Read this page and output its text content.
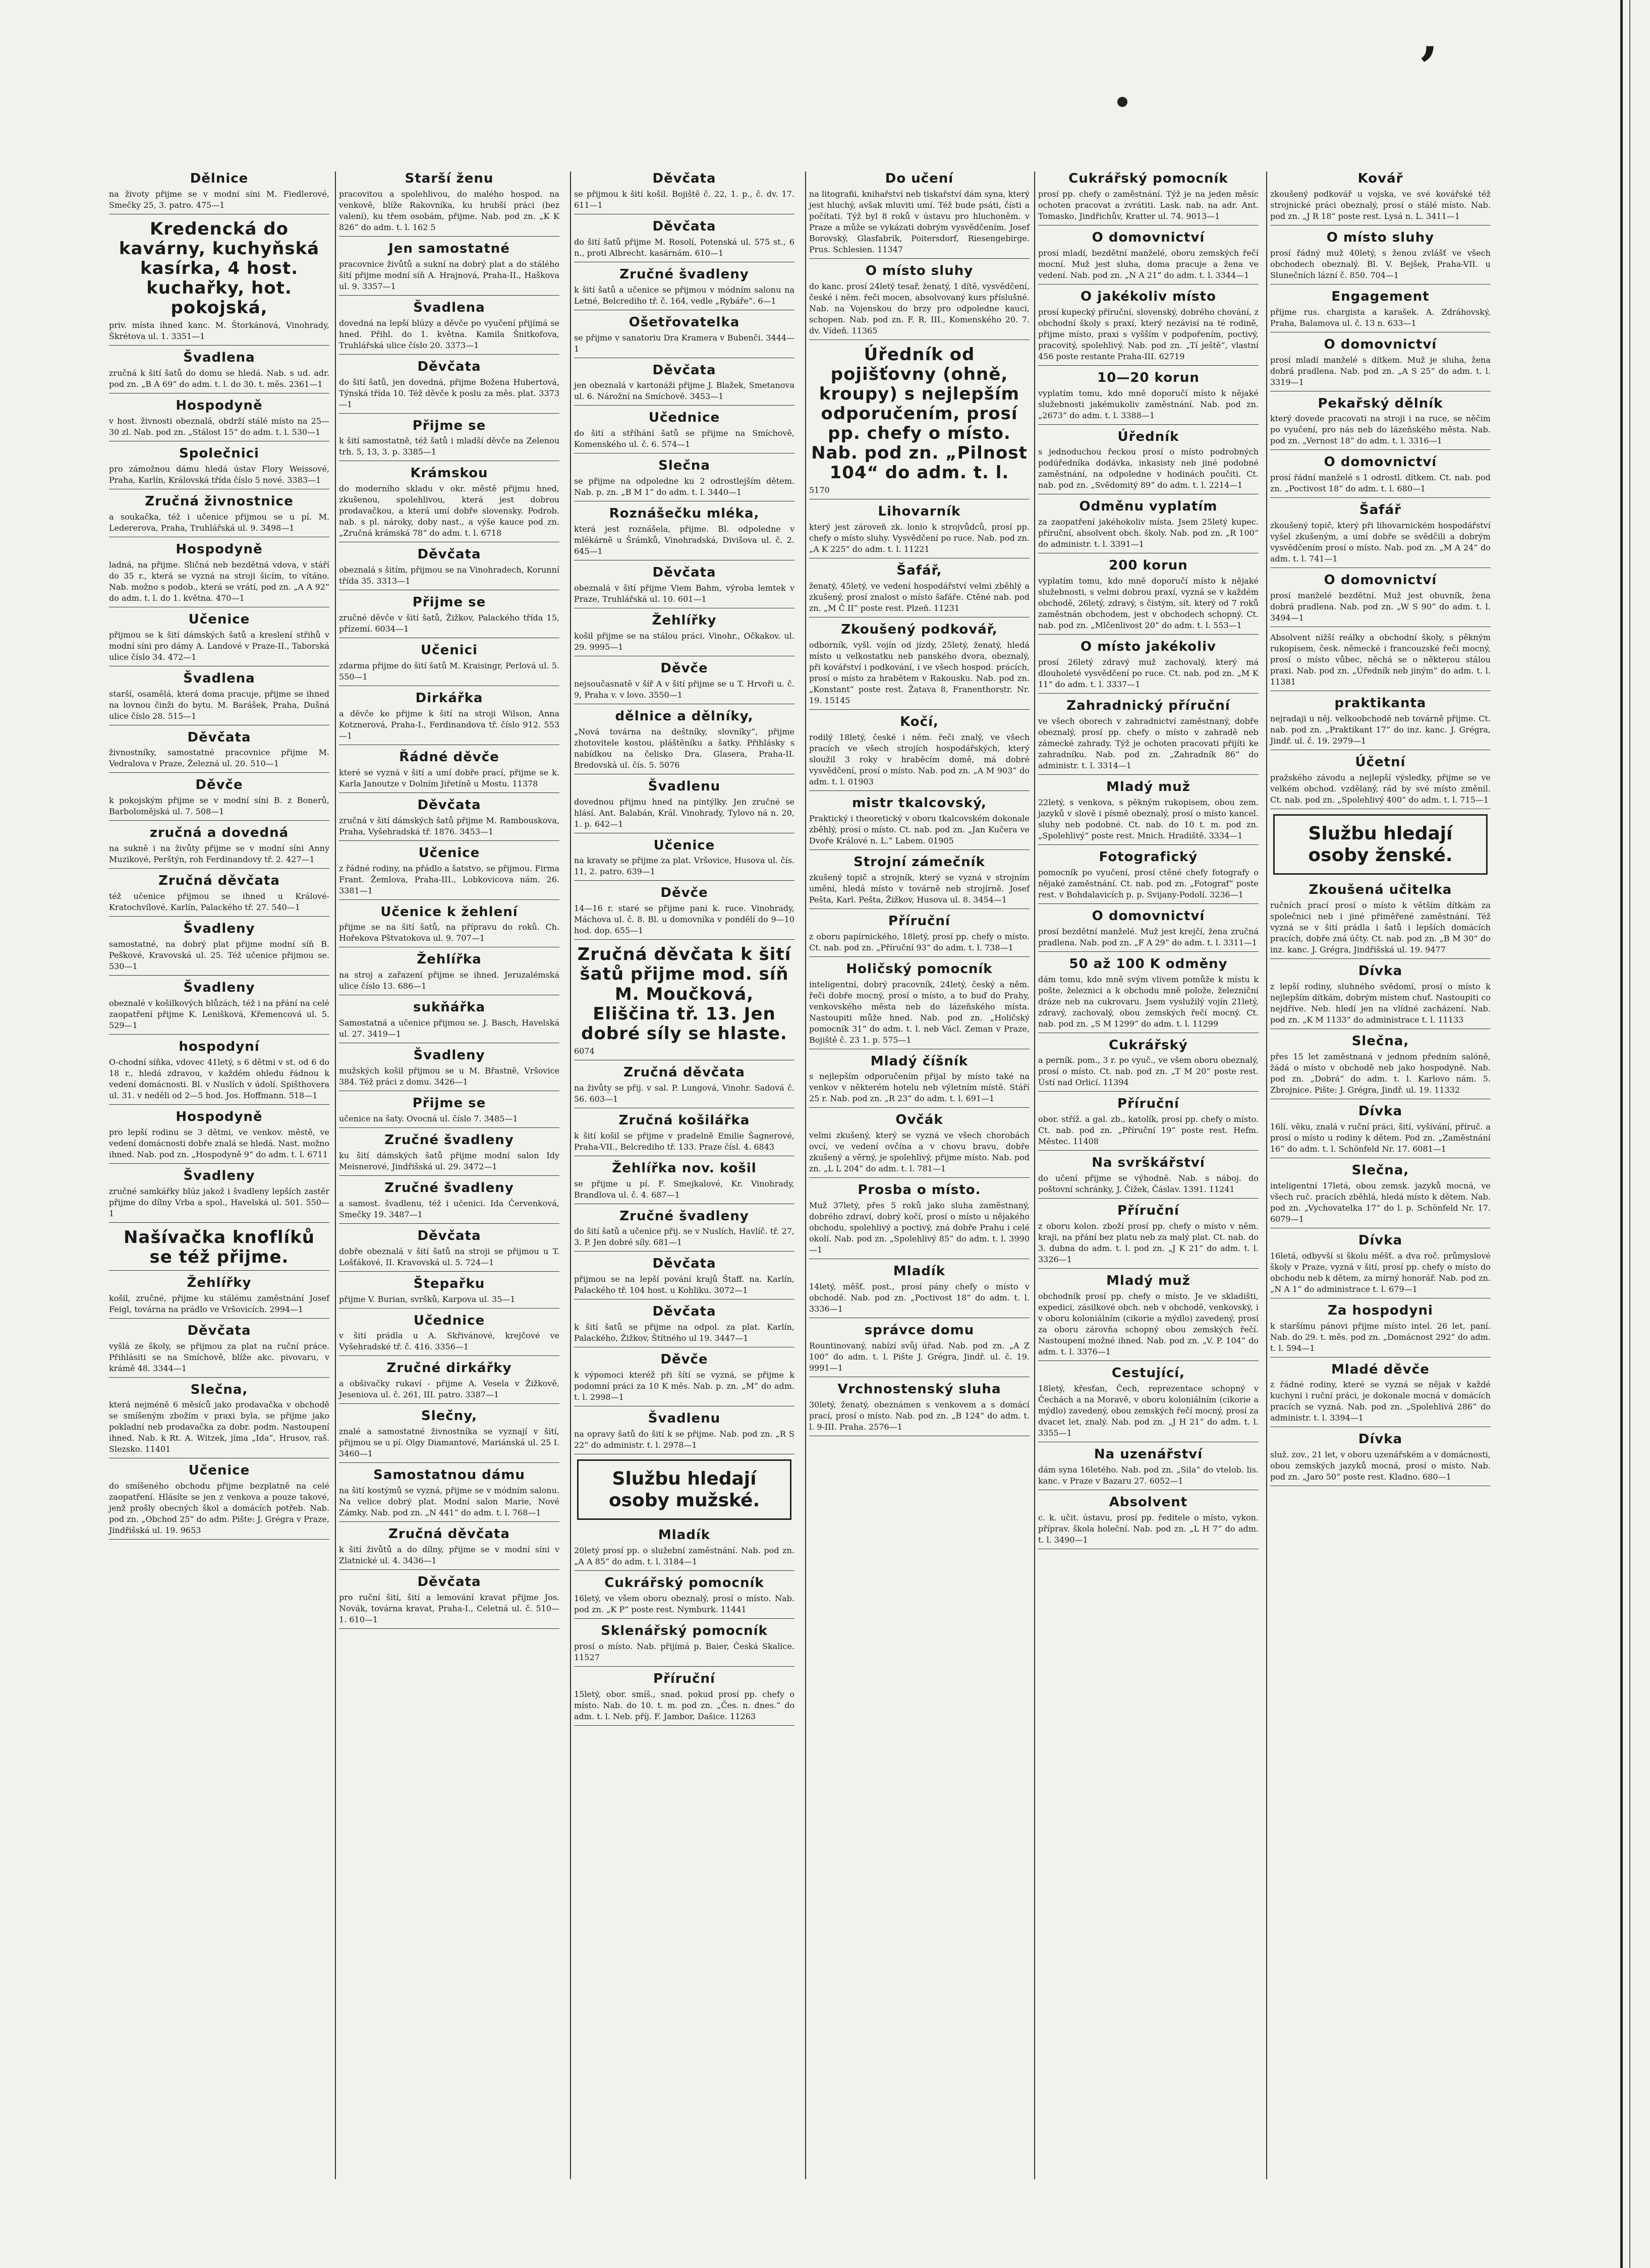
ʼ
Dělnice

na životy přijme se v modní síni M. Fiedlerové, Smečky 25, 3. patro. 475—1

Kredencká do kavárny, kuchyňská kasírka, 4 host. kuchařky, hot. pokojská,

priv. místa ihned kanc. M. Štorkánová, Vinohrady, Škrétova ul. 1. 3351—1

Švadlena

zručná k šití šatů do domu se hledá. Nab. s ud. adr. pod zn. „B A 69“ do adm. t. l. do 30. t. měs. 2361—1

Hospodyně

v host. živnosti obeznalá, obdrží stálé místo na 25—30 zl. Nab. pod zn. „Stálost 15“ do adm. t. l. 530—1

Společnici

pro zámožnou dámu hledá ústav Flory Weissové, Praha, Karlín, Královská třída číslo 5 nové. 3383—1

Zručná živnostnice

a soukačka, též i učenice přijmou se u pí. M. Ledererova, Praha, Truhlářská ul. 9. 3498—1

Hospodyně

ladná, na přijme. Sličná neb bezdětná vdova, v stáří do 35 r., která se vyzná na stroji šicím, to vítáno. Nab. možno s podob., která se vrátí, pod zn. „A A 92“ do adm. t. l. do 1. května. 470—1

Učenice

přijmou se k šití dámských šatů a kreslení střihů v modní síni pro dámy A. Landové v Praze-II., Taborská ulice číslo 34. 472—1

Švadlena

starší, osamělá, která doma pracuje, přijme se ihned na lovnou činži do bytu. M. Barášek, Praha, Dušná ulice číslo 28. 515—1

Děvčata

živnostníky, samostatné pracovnice přijme M. Vedralova v Praze, Železná ul. 20. 510—1

Děvče

k pokojským přijme se v modní síni B. z Bonerů, Barbolomějská ul. 7. 508—1

zručná a dovedná

na sukně i na živůty přijme se v modní síni Anny Muzikové, Perštýn, roh Ferdinandovy tř. 2. 427—1

Zručná děvčata

též učenice přijmou se ihned u Králové-Kratochvílové, Karlín, Palackého tř. 27. 540—1

Švadleny

samostatné, na dobrý plat přijme modní síň B. Peškové, Kravovská ul. 25. Též učenice přijmou se. 530—1

Švadleny

obeznalé v košilkových blůzách, též i na přání na celé zaopatření přijme K. Lenišková, Křemencová ul. 5. 529—1

hospodyní

O-chodní síňka, vdovec 41letý, s 6 dětmi v st. od 6 do 18 r., hledá zdravou, v každém ohledu řádnou k vedení domácnosti. Bl. v Nuslích v údolí. Spišthovera ul. 31. v neděli od 2—5 hod. Jos. Hoffmann. 518—1

Hospodyně

pro lepší rodinu se 3 dětmi, ve venkov. městě, ve vedení domácnosti dobře znalá se hledá. Nast. možno ihned. Nab. pod zn. „Hospodyně 9“ do adm. t. l. 6711

Švadleny

zručné samkářky blúz jakož i švadleny lepších zastěr přijme do dílny Vrba a spol., Havelská ul. 501. 550—1

Našívačka knoflíků se též přijme.
Žehlířky

košil, zručné, přijme ku stálému zaměstnání Josef Feigl, továrna na prádlo ve Vršovicích. 2994—1

Děvčata

vyšlá ze školy, se přijmou za plat na ruční práce. Přihlásiti se na Smíchově, blíže akc. pivovaru, v krámě 48. 3344—1

Slečna,

která nejméně 6 měsíců jako prodavačka v obchodě se smíšeným zbožím v praxi byla, se přijme jako pokladní neb prodavačka za dobr. podm. Nastoupení ihned. Nab. k Rt. A. Witzek, jíma „Ida“, Hrusov, raš. Slezsko. 11401

Učenice

do smíšeného obchodu přijme bezplatně na celé zaopatření. Hlásíte se jen z venkova a pouze takové, jenž prošly obecných škol a domácích potřeb. Nab. pod zn. „Obchod 25“ do adm. Pište: J. Grégra v Praze, Jindřišská ul. 19. 9653

Starší ženu

pracovitou a spolehlivou, do malého hospod. na venkově, blíže Rakovníka, ku hrubší práci (bez valení), ku třem osobám, přijme. Nab. pod zn. „K K 826“ do adm. t. l. 162 5

Jen samostatné

pracovnice živůtů a sukní na dobrý plat a do stálého šití přijme modní síň A. Hrajnová, Praha-II., Haškova ul. 9. 3357—1

Švadlena

dovedná na lepší blúzy a děvče po vyučení přijímá se hned. Přihl. do 1. května. Kamila Šnitkofova, Truhlářská ulice číslo 20. 3373—1

Děvčata

do šití šatů, jen dovedná, přijme Božena Hubertová, Týnská třída 10. Též děvče k poslu za měs. plat. 3373—1

Přijme se

k šití samostatně, též šatů i mladší děvče na Zelenou trh. 5, 13, 3. p. 3385—1

Krámskou

do moderního skladu v okr. městě přijmu hned, zkušenou, spolehlivou, která jest dobrou prodavačkou, a která umí dobře slovensky. Podrob. nab. s pl. nároky, doby nast., a výše kauce pod zn. „Zručná krámská 78“ do adm. t. l. 6718

Děvčata

obeznalá s šitím, přijmou se na Vinohradech, Korunní třída 35. 3313—1

Přijme se

zručné děvče v šití šatů, Žižkov, Palackého třída 15, přízemí. 6034—1

Učenici

zdarma přijme do šití šatů M. Kraisingr, Perlová ul. 5. 550—1

Dirkářka

a děvče ke přijme k šití na stroji Wilson, Anna Kotznerová, Praha-I., Ferdinandova tř. číslo 912. 553—1

Řádné děvče

které se vyzná v šití a umí dobře prací, přijme se k. Karla Janoutze v Dolním Jiřetíně u Mostu. 11378

Děvčata

zručná v šití dámských šatů přijme M. Rambouskova, Praha, Vyšehradská tř. 1876. 3453—1

Učenice

z řádné rodiny, na přádlo a šatstvo, se přijmou. Firma Frant. Žemlova, Praha-III., Lobkovicova nám. 26. 3381—1

Učenice k žehlení

přijme se na šití šatů, na přípravu do roků. Ch. Hořekova Pštvatokova ul. 9. 707—1

Žehlířka

na stroj a zařazení přijme se ihned. Jeruzalémská ulice číslo 13. 686—1

sukňářka

Samostatná a učenice přijmou se. J. Basch, Havelská ul. 27. 3419—1

Švadleny

mužských košil přijmou se u M. Břastně, Vršovice 384. Též práci z domu. 3426—1

Přijme se

učenice na šaty. Ovocná ul. číslo 7. 3485—1

Zručné švadleny

ku šití dámských šatů přijme modní salon Idy Meisnerové, Jindřišská ul. 29. 3472—1

Zručné švadleny

a samost. švadlenu, též i učenici. Ida Červenková, Smečky 19. 3487—1

Děvčata

dobře obeznalá v šití šatů na stroji se přijmou u T. Lošťákové, II. Kravovská ul. 5. 724—1

Štepařku

přijme V. Burian, svršků, Karpova ul. 35—1

Učednice

v šití prádla u A. Skřivánové, krejčové ve Vyšehradské tř. č. 416. 3356—1

Zručné dirkářky

a obšivačky rukaví - přijme A. Vesela v Žižkově, Jeseniova ul. č. 261, III. patro. 3387—1

Slečny,

znalé a samostatné živnostníka se vyznají v šití, přijmou se u pí. Olgy Diamantové, Mariánská ul. 25 I. 3460—1

Samostatnou dámu

na šití kostýmů se vyzná, přijme se v módním salonu. Na velice dobrý plat. Modní salon Marie, Nové Zámky. Nab. pod zn. „N 441“ do adm. t. l. 768—1

Zručná děvčata

k šití živůtů a do dílny, přijme se v modní síni v Zlatnické ul. 4. 3436—1

Děvčata

pro ruční šití, šití a lemování kravat přijme Jos. Novák, továrna kravat, Praha-I., Celetná ul. č. 510—1. 610—1

Děvčata

se přijmou k šití košil. Bojiště č. 22, 1. p., č. dv. 17. 611—1

Děvčata

do šití šatů přijme M. Rosolí, Potenská ul. 575 st., 6 n., proti Albrecht. kasárnám. 610—1

Zručné švadleny

k šití šatů a učenice se přijmou v módním salonu na Letné, Belcrediho tř. č. 164, vedle „Rybáře“. 6—1

Ošetřovatelka

se přijme v sanatoriu Dra Kramera v Bubenči. 3444—1

Děvčata

jen obeznalá v kartonáži přijme J. Blažek, Smetanova ul. 6. Nárožní na Smíchově. 3453—1

Učednice

do šití a stříhání šatů se přijme na Smíchově, Komenského ul. č. 6. 574—1

Slečna

se přijme na odpoledne ku 2 odrostlejším dětem. Nab. p. zn. „B M 1“ do adm. t. l. 3440—1

Roznášečku mléka,

která jest roznášela, přijme. Bl. odpoledne v mlékárně u Šrámků, Vinohradská, Divišova ul. č. 2. 645—1

Děvčata

obeznalá v šití přijme Viem Bahm, výroba lemtek v Praze, Truhlářská ul. 10. 601—1

Žehlířky

košil přijme se na stálou práci. Vinohr., Očkakov. ul. 29. 9995—1

Děvče

nejsoučasnatě v šíř A v šití přijme se u T. Hrvoři u. č. 9, Praha v. v lovo. 3550—1

dělnice a dělníky,

„Nová továrna na deštníky, slovníky“, přijme zhotovitele kostou, pláštěníku a šatky. Přihlásky s nabídkou na čelisko Dra. Glasera, Praha-II. Bredovská ul. čís. 5. 5076

Švadlenu

dovednou přijmu hned na pintýlky. Jen zručné se hlásí. Ant. Balabán, Král. Vinohrady, Tylovo ná n. 20, 1. p. 642—1

Učenice

na kravaty se přijme za plat. Vršovice, Husova ul. čís. 11, 2. patro. 639—1

Děvče

14—16 r. staré se přijme pani k. ruce. Vinohrady, Máchova ul. č. 8. Bl. u domovníka v pondělí do 9—10 hod. dop. 655—1

Zručná děvčata k šití šatů přijme mod. síň M. Moučková, Eliščina tř. 13. Jen dobré síly se hlaste.

6074

Zručná děvčata

na živůty se přij. v sal. P. Lungová, Vinohr. Sadová č. 56. 603—1

Zručná košilářka

k šití košil se přijme v pradelně Emilie Šagnerové, Praha-VII., Belcrediho tř. 133. Praze čísl. 4. 6843

Žehlířka nov. košil

se přijme u pí. F. Smejkalové, Kr. Vinohrady, Brandlova ul. č. 4. 687—1

Zručné švadleny

do šití šatů a učenice přij. se v Nuslích, Havlíč. tř. 27, 3. P. Jen dobré síly. 681—1

Děvčata

přijmou se na lepší pování krajů Štaff. na. Karlín, Palackého tř. 104 host. u Kohliku. 3072—1

Děvčata

k šití šatů se přijme na odpol. za plat. Karlín, Palackého, Žižkov, Štítného ul 19. 3447—1

Děvče

k výpomoci kteréž při šítí se vyzná, se přijme k podomní práci za 10 K měs. Nab. p. zn. „M“ do adm. t. l. 2998—1

Švadlenu

na opravy šatů do šití k se přijme. Nab. pod zn. „R S 22“ do administr. t. l. 2978—1

Službu hledají osoby mužské.
Mladík

20letý prosí pp. o služební zaměstnání. Nab. pod zn. „A A 85“ do adm. t. l. 3184—1

Cukrářský pomocník

16letý, ve všem oboru obeznalý, prosí o místo. Nab. pod zn. „K P“ poste rest. Nymburk. 11441

Sklenářský pomocník

prosí o místo. Nab. přijímá p. Baier, Česká Skalice. 11527

Příruční

15letý, obor. smíš., snad. pokud prosí pp. chefy o místo. Nab. do 10. t. m. pod zn. „Čes. n. dnes.“ do adm. t. l. Neb. příj. F. Jambor, Dašice. 11263

Do učení

na litografii, knihařství neb tiskařství dám syna, který jest hluchý, avšak mluviti umí. Též bude psáti, čísti a počítati. Týž byl 8 roků v ústavu pro hluchoněm. v Praze a může se vykázati dobrým vysvědčením. Josef Borovský, Glasfabrik, Poitersdorf, Riesengebirge. Prus. Schlesien. 11347

O místo sluhy

do kanc. prosí 24letý tesař, ženatý, 1 dítě, vysvědčení, české i něm. řeči mocen, absolvovaný kurs příslušné. Nab. na Vojenskou do brzy pro odpoledne kauci, schopen. Nab. pod zn. F. R. III., Komenského 20. 7. dv. Vídeň. 11365

Úředník od pojišťovny (ohně, kroupy) s nejlepším odporučením, prosí pp. chefy o místo. Nab. pod zn. „Pilnost 104“ do adm. t. l.

5170

Lihovarník

který jest zároveň zk. lonio k strojvůdců, prosí pp. chefy o místo sluhy. Vysvědčení po ruce. Nab. pod zn. „A K 225“ do adm. t. l. 11221

Šafář,

ženatý, 45letý, ve vedení hospodářství velmi zběhlý a zkušený, prosí znalost o místo šafáře. Ctěné nab. pod zn. „M Č II“ poste rest. Plzeň. 11231

Zkoušený podkovář,

odborník, vyšl. vojín od jízdy, 25letý, ženatý, hledá místo u velkostatku neb panského dvora, obeznalý, při kovářství i podkování, i ve všech hospod. prácích, prosí o místo za hrabětem v Rakousku. Nab. pod zn. „Konstant“ poste rest. Žatava 8, Franenthorstr. Nr. 19. 15145

Kočí,

rodilý 18letý, české i něm. řeči znalý, ve všech pracích ve všech strojích hospodářských, který sloužil 3 roky v hraběcím domě, má dobré vysvědčení, prosí o místo. Nab. pod zn. „A M 903“ do adm. t. l. 01903

mistr tkalcovský,

Praktický i theoretický v oboru tkalcovském dokonale zběhlý, prosí o místo. Ct. nab. pod zn. „Jan Kučera ve Dvoře Králové n. L.“ Labem. 01905

Strojní zámečník

zkušený topič a strojník, který se vyzná v strojním umění, hledá místo v továrně neb strojírně. Josef Pešta, Karl. Pešta, Žižkov, Husova ul. 8. 3454—1

Příruční

z oboru papírnického, 18letý, prosí pp. chefy o místo. Ct. nab. pod zn. „Příruční 93“ do adm. t. l. 738—1

Holičský pomocník

inteligentní, dobrý pracovník, 24letý, český a něm. řeči dobře mocný, prosí o místo, a to buď do Prahy, venkovského města neb do lázeňského místa. Nastoupiti může hned. Nab. pod zn. „Holičský pomocník 31“ do adm. t. l. neb Václ. Zeman v Praze, Bojiště č. 23 1. p. 575—1

Mladý číšník

s nejlepším odporučením přijal by místo také na venkov v některém hotelu neb výletním místě. Stáří 25 r. Nab. pod zn. „R 23“ do adm. t. l. 691—1

Ovčák

velmi zkušený, který se vyzná ve všech chorobách ovcí, ve vedení ovčína a v chovu bravu, dobře zkušený a věrný, je spolehlivý, přijme místo. Nab. pod zn. „L L 204“ do adm. t. l. 781—1

Prosba o místo.

Muž 37letý, přes 5 roků jako sluha zaměstnaný, dobrého zdraví, dobrý kočí, prosí o místo u nějakého obchodu, spolehlivý a poctivý, zná dobře Prahu i celé okolí. Nab. pod zn. „Spolehlivý 85“ do adm. t. l. 3990—1

Mladík

14letý, měšť. post., prosí pány chefy o místo v obchodě. Nab. pod zn. „Poctivost 18“ do adm. t. l. 3336—1

správce domu

Rountinovaný, nabízí svůj úřad. Nab. pod zn. „A Z 100“ do adm. t. l. Pište J. Grégra, Jindř. ul. č. 19. 9991—1

Vrchnostenský sluha

30letý, ženatý, obeznámen s venkovem a s domácí prací, prosí o místo. Nab. pod zn. „B 124“ do adm. t. l. 9-III. Praha. 2576—1

Cukrářský pomocník

prosí pp. chefy o zaměstnání. Týž je na jeden měsíc ochoten pracovat a zvrátiti. Lask. nab. na adr. Ant. Tomasko, Jindřichův, Kratter ul. 74. 9013—1

O domovnictví

prosí mladí, bezdětní manželé, oboru zemských řečí mocní. Muž jest sluha, doma pracuje a žena ve vedení. Nab. pod zn. „N A 21“ do adm. t. l. 3344—1

O jakékoliv místo

prosí kupecký příruční, slovenský, dobrého chování, z obchodní školy s praxí, který nezávisí na té rodině, přijme místo, praxi s vyšším v podpořením, poctivý, pracovitý, spolehlivý. Nab. pod zn. „Tí ještě“, vlastní 456 poste restante Praha-III. 62719

10—20 korun

vyplatím tomu, kdo mně doporučí místo k nějaké služebnosti jakémukoliv zaměstnání. Nab. pod zn. „2673“ do adm. t. l. 3388—1

Úředník

s jednoduchou řeckou prosí o místo podrobných podúředníka dodávka, inkasisty neb jiné podobné zaměstnání, na odpoledne v hodinách poučiti. Ct. nab. pod zn. „Svědomitý 89“ do adm. t. l. 2214—1

Odměnu vyplatím

za zaopatření jakéhokoliv místa. Jsem 25letý kupec. příruční, absolvent obch. školy. Nab. pod zn. „R 100“ do administr. t. l. 3391—1

200 korun

vyplatím tomu, kdo mně doporučí místo k nějaké služebnosti, s velmi dobrou praxí, vyzná se v každém obchodě, 26letý, zdravý, s čistým, sít. který od 7 roků zaměstnán obchodem, jest v obchodech schopný. Ct. nab. pod zn. „Mlčenlivost 20“ do adm. t. l. 553—1

O místo jakékoliv

prosí 26letý zdravý muž zachovalý, který má dlouholeté vysvědčení po ruce. Ct. nab. pod zn. „M K 11“ do adm. t. l. 3337—1

Zahradnický příruční

ve všech oborech v zahradnictví zaměstnaný, dobře obeznalý, prosí pp. chefy o místo v zahradě neb zámecké zahrady. Týž je ochoten pracovati přijíti ke zahradníku. Nab. pod zn. „Zahradník 86“ do administr. t. l. 3314—1

Mladý muž

22letý, s venkova, s pěkným rukopisem, obou zem. jazyků v slově i písmě obeznalý, prosí o místo kancel. sluhy neb podobné. Ct. nab. do 10 t. m. pod zn. „Spolehlivý“ poste rest. Mnich. Hradiště. 3334—1

Fotografický

pomocník po vyučení, prosí ctěné chefy fotografy o nějaké zaměstnání. Ct. nab. pod zn. „Fotograf“ poste rest. v Bohdalavicích p. p. Svijany-Podolí. 3236—1

O domovnictví

prosí bezdětní manželé. Muž jest krejčí, žena zručná pradlena. Nab. pod zn. „F A 29“ do adm. t. l. 3311—1

50 až 100 K odměny

dám tomu, kdo mně svým vlivem pomůže k místu k pošte, železnici a k obchodu mně polože, železniční dráze neb na cukrovaru. Jsem vyslužilý vojín 21letý, zdravý, zachovalý, obou zemských řečí mocný. Ct. nab. pod zn. „S M 1299“ do adm. t. l. 11299

Cukrářský

a perník. pom., 3 r. po vyuč., ve všem oboru obeznalý, prosí o místo. Ct. nab. pod zn. „T M 20“ poste rest. Ústí nad Orlicí. 11394

Příruční

obor. stříž. a gal. zb., katolík, prosí pp. chefy o místo. Ct. nab. pod zn. „Příruční 19“ poste rest. Hefm. Městec. 11408

Na svrškářství

do učení přijme se výhodně. Nab. s náboj. do poštovní schránky, J. Čižek, Čáslav. 1391. 11241

Příruční

z oboru kolon. zboží prosí pp. chefy o místo v něm. kraji, na přání bez platu neb za malý plat. Ct. nab. do 3. dubna do adm. t. l. pod zn. „J K 21“ do adm. t. l. 3326—1

Mladý muž

obchodník prosí pp. chefy o místo. Je ve skladišti, expedici, zásilkové obch. neb v obchodě, venkovský, i v oboru koloniálním (cikorie a mýdlo) zavedený, prosí za oboru zárovňa schopný obou zemských řečí. Nastoupení možné ihned. Nab. pod zn. „V. P. 104“ do adm. t. l. 3376—1

Cestující,

18letý, křesťan, Čech, reprezentace schopný v Čechách a na Moravě, v oboru koloniálním (cikorie a mýdlo) zavedený, obou zemských řečí mocný, prosí za dvacet let, znalý. Nab. pod zn. „J H 21“ do adm. t. l. 3355—1

Na uzenářství

dám syna 16letého. Nab. pod zn. „Sila“ do vtelob. lis. kanc. v Praze v Bazaru 27. 6052—1

Absolvent

c. k. učit. ústavu, prosí pp. ředitele o místo, vykon. příprav. škola holeční. Nab. pod zn. „L H 7“ do adm. t. l. 3490—1

Kovář

zkoušený podkovář u vojska, ve své kovářské též strojnické práci obeznalý, prosí o stálé místo. Nab. pod zn. „J R 18“ poste rest. Lysá n. L. 3411—1

O místo sluhy

prosí řádný muž 40letý, s ženou zvlášť ve všech obchodech obeznalý. Bl. V. Bejšek, Praha-VII. u Slunečních lázní č. 850. 704—1

Engagement

přijme rus. chargista a karašek. A. Zdráhovský, Praha, Balamova ul. č. 13 n. 633—1

O domovnictví

prosí mladí manželé s dítkem. Muž je sluha, žena dobrá pradlena. Nab. pod zn. „A S 25“ do adm. t. l. 3319—1

Pekařský dělník

který dovede pracovati na stroji i na ruce, se něčim po vyučení, pro nás neb do lázeňského města. Nab. pod zn. „Vernost 18“ do adm. t. l. 3316—1

O domovnictví

prosí řádní manželé s 1 odrostl. dítkem. Ct. nab. pod zn. „Poctivost 18“ do adm. t. l. 680—1

Šafář

zkoušený topič, který při lihovarnickém hospodářství vyšel zkušeným, a umí dobře se svědčili a dobrým vysvědčením prosí o místo. Nab. pod zn. „M A 24“ do adm. t. l. 741—1

O domovnictví

prosí manželé bezdětní. Muž jest obuvník, žena dobrá pradlena. Nab. pod zn. „W S 90“ do adm. t. l. 3494—1

Absolvent nižší reálky a obchodní školy, s pěkným rukopisem, česk. německé i francouzské řeči mocný, prosí o místo vůbec, něchá se o některou stálou praxi. Nab. pod zn. „Úředník neb jiným“ do adm. t. l. 11381

praktikanta

nejradaji u něj. velkoobchodě neb továrně přijme. Ct. nab. pod zn. „Praktikant 17“ do inz. kanc. J. Grégra, Jindř. ul. č. 19. 2979—1

Účetní

pražského závodu a nejlepší výsledky, přijme se ve velkém obchod. vzdělaný, rád by své místo změnil. Ct. nab. pod zn. „Spolehlivý 400“ do adm. t. l. 715—1

Službu hledají osoby ženské.
Zkoušená učitelka

ručních prací prosí o místo k větším dítkám za společnici neb i jiné přiměřené zaměstnání. Též vyzná se v šití prádla i šatů i lepších domácích pracích, dobře zná účty. Ct. nab. pod zn. „B M 30“ do inz. kanc. J. Grégra, Jindřišská ul. 19. 9477

Dívka

z lepší rodiny, sluhného svědomí, prosí o místo k nejlepším dítkám, dobrým místem chuť. Nastoupiti co nejdříve. Neb. hledí jen na vlídné zacházení. Nab. pod zn. „K M 1133“ do administrace t. l. 11133

Slečna,

přes 15 let zaměstnaná v jednom předním salóně, žádá o místo v obchodě neb jako hospodyně. Nab. pod zn. „Dobrá“ do adm. t. l. Karlovo nám. 5. Zbrojnice. Pište: J. Grégra, Jindř. ul. 19. 11332

Dívka

16lí. věku, znalá v ruční práci, šití, vyšívání, příruč. a prosí o místo u rodiny k dětem. Pod zn. „Zaměstnání 16“ do adm. t. l. Schönfeld Nr. 17. 6081—1

Slečna,

inteligentní 17letá, obou zemsk. jazyků mocná, ve všech ruč. pracích zběhlá, hledá místo k dětem. Nab. pod zn. „Vychovatelka 17“ do l. p. Schönfeld Nr. 17. 6079—1

Dívka

16letá, odbyvší si školu měšť. a dva roč. průmyslové školy v Praze, vyzná v šití, prosí pp. chefy o místo do obchodu neb k dětem, za mírný honorář. Nab. pod zn. „N A 1“ do administrace t. l. 679—1

Za hospodyni

k staršímu pánovi přijme místo intel. 26 let, paní. Nab. do 29. t. měs. pod zn. „Domácnost 292“ do adm. t. l. 594—1

Mladé děvče

z řádné rodiny, které se vyzná se nějak v každé kuchyni i ruční práci, je dokonale mocná v domácích pracích se vyzná. Nab. pod zn. „Spolehlivá 286“ do administr. t. l. 3394—1

Dívka

služ. zov., 21 let, v oboru uzenářském a v domácnosti, obou zemských jazyků mocná, prosí o místo. Nab. pod zn. „Jaro 50“ poste rest. Kladno. 680—1
